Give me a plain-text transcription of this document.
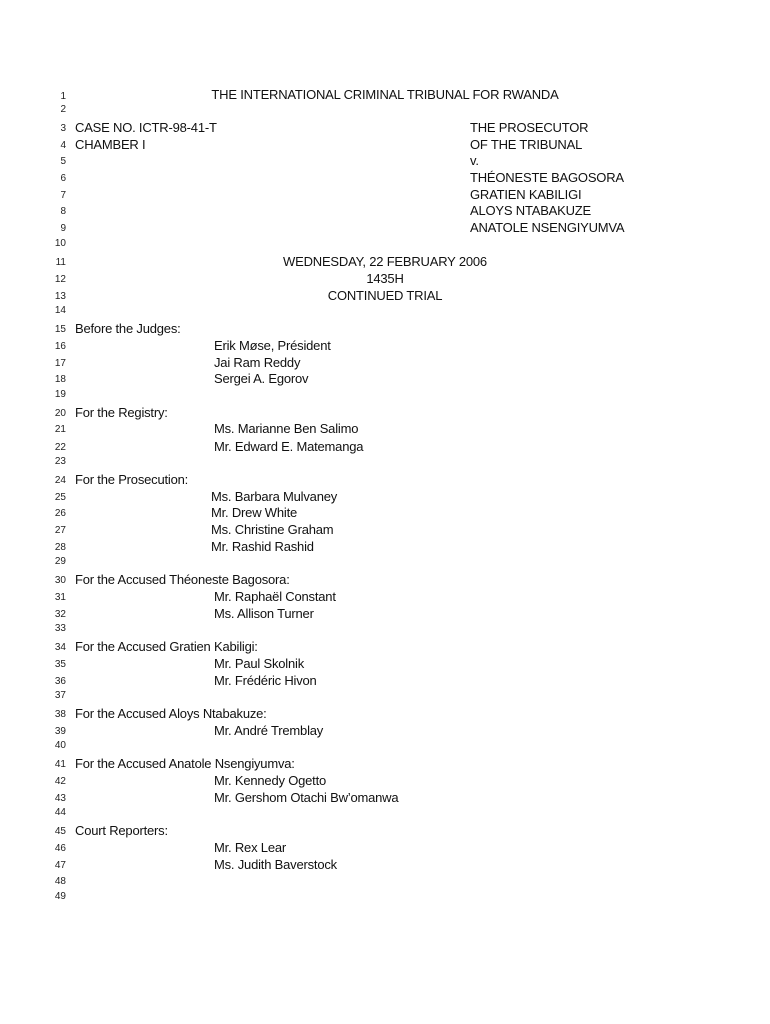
1
2
3
4
5
6
7
8
9
10
11
12
13
14
15
16
17
18
19
20
21
22
23
24
25
26
27
28
29
30
31
32
33
34
35
36
37
38
39
40
41
42
43
44
45
46
47
48
49
THE INTERNATIONAL CRIMINAL TRIBUNAL FOR RWANDA
CASE NO. ICTR-98-41-T
CHAMBER I
THE PROSECUTOR
OF THE TRIBUNAL
v.
THÉONESTE BAGOSORA
GRATIEN KABILIGI
ALOYS NTABAKUZE
ANATOLE NSENGIYUMVA
WEDNESDAY, 22 FEBRUARY 2006
1435H
CONTINUED TRIAL
Before the Judges:
Erik Møse, Président
Jai Ram Reddy
Sergei A. Egorov
For the Registry:
Ms. Marianne Ben Salimo
Mr. Edward E. Matemanga
For the Prosecution:
Ms. Barbara Mulvaney
Mr. Drew White
Ms. Christine Graham
Mr. Rashid Rashid
For the Accused Théoneste Bagosora:
Mr. Raphaël Constant
Ms. Allison Turner
For the Accused Gratien Kabiligi:
Mr. Paul Skolnik
Mr. Frédéric Hivon
For the Accused Aloys Ntabakuze:
Mr. André Tremblay
For the Accused Anatole Nsengiyumva:
Mr. Kennedy Ogetto
Mr. Gershom Otachi Bw’omanwa
Court Reporters:
Mr. Rex Lear
Ms. Judith Baverstock
